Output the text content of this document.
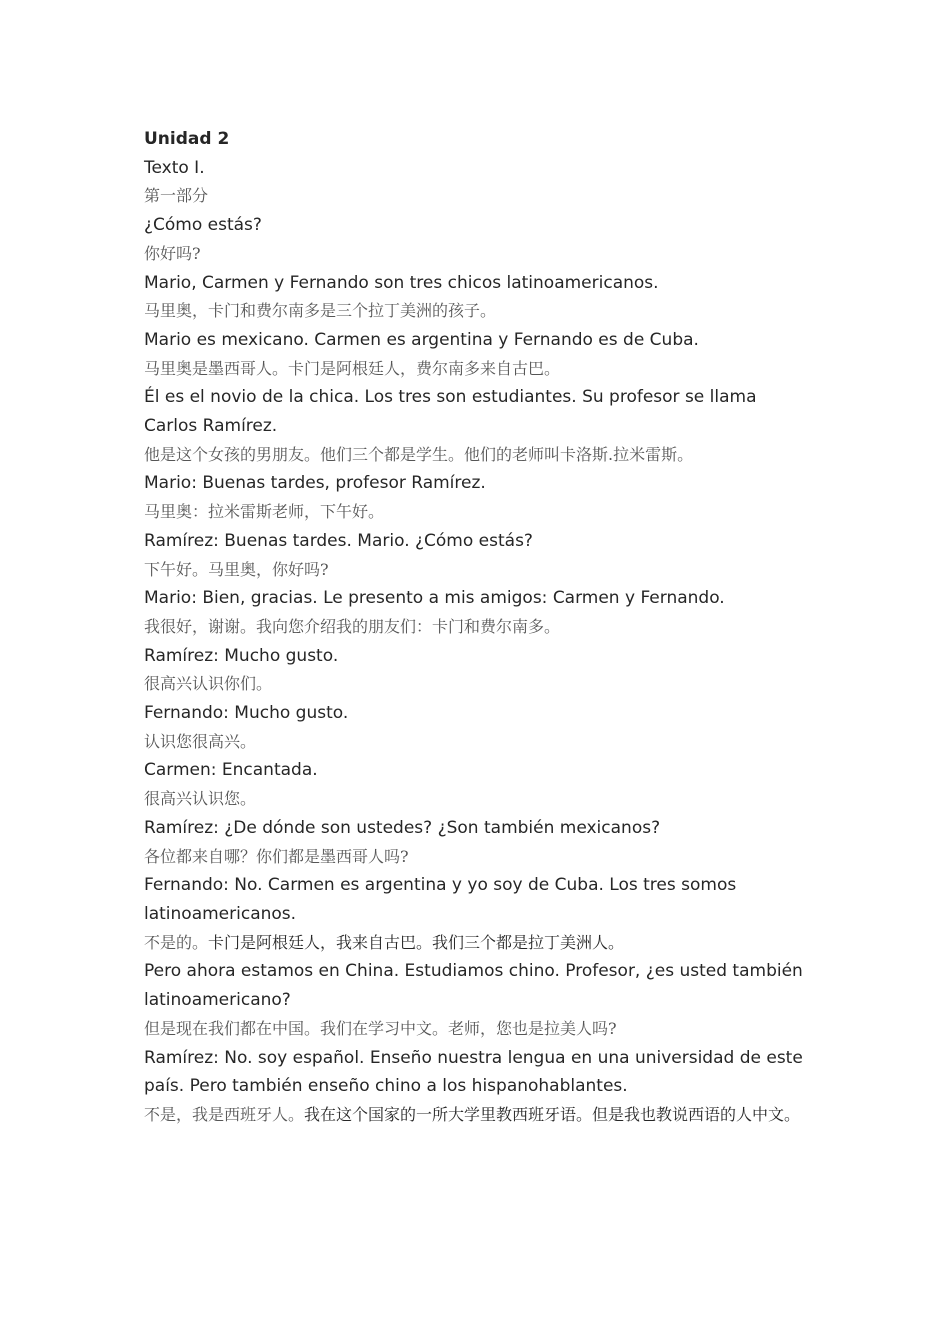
Unidad 2

Texto I.

第一部分

¿Cómo estás?

你好吗?

Mario, Carmen y Fernando son tres chicos latinoamericanos.

马里奥，卡门和费尔南多是三个拉丁美洲的孩子。

Mario es mexicano. Carmen es argentina y Fernando es de Cuba.

马里奥是墨西哥人。卡门是阿根廷人，费尔南多来自古巴。

Él es el novio de la chica. Los tres son estudiantes. Su profesor se llama Carlos Ramírez.

他是这个女孩的男朋友。他们三个都是学生。他们的老师叫卡洛斯.拉米雷斯。

Mario: Buenas tardes, profesor Ramírez.

马里奥：拉米雷斯老师，下午好。

Ramírez: Buenas tardes. Mario. ¿Cómo estás?

下午好。马里奥，你好吗?

Mario: Bien, gracias. Le presento a mis amigos: Carmen y Fernando.

我很好，谢谢。我向您介绍我的朋友们：卡门和费尔南多。

Ramírez: Mucho gusto.

很高兴认识你们。

Fernando: Mucho gusto.

认识您很高兴。

Carmen: Encantada.

很高兴认识您。

Ramírez: ¿De dónde son ustedes? ¿Son también mexicanos?

各位都来自哪？你们都是墨西哥人吗?

Fernando: No. Carmen es argentina y yo soy de Cuba. Los tres somos latinoamericanos.

不是的。卡门是阿根廷人，我来自古巴。我们三个都是拉丁美洲人。

Pero ahora estamos en China. Estudiamos chino. Profesor, ¿es usted también latinoamericano?

但是现在我们都在中国。我们在学习中文。老师，您也是拉美人吗?

Ramírez: No. soy español. Enseño nuestra lengua en una universidad de este país. Pero también enseño chino a los hispanohablantes.

不是，我是西班牙人。我在这个国家的一所大学里教西班牙语。但是我也教说西语的人中文。
